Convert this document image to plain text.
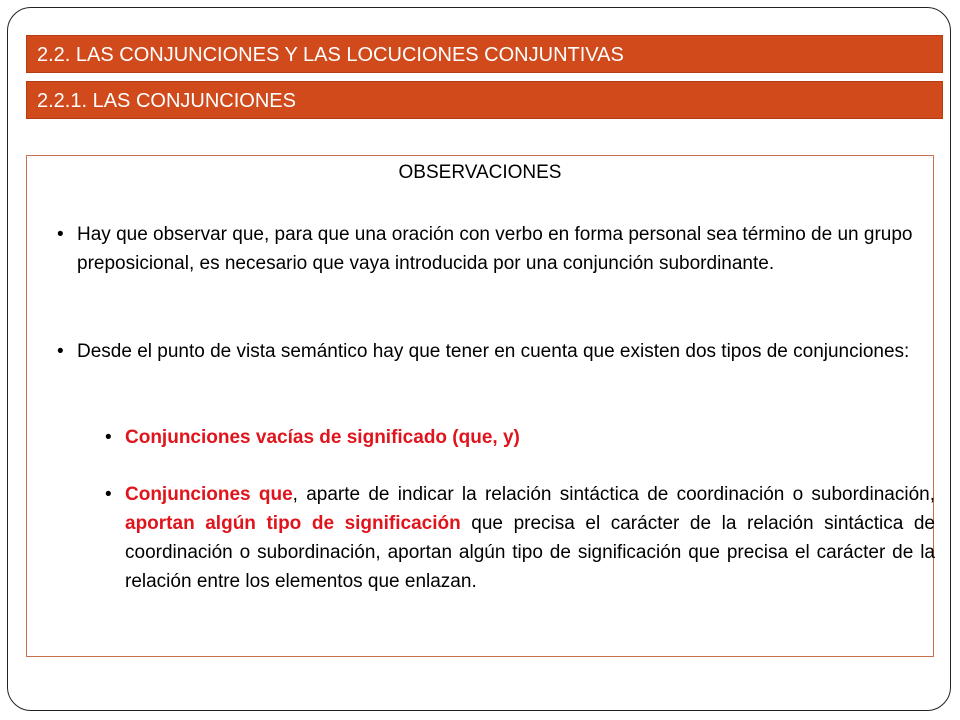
2.2. LAS CONJUNCIONES Y LAS LOCUCIONES CONJUNTIVAS
2.2.1. LAS CONJUNCIONES
OBSERVACIONES
• Hay que observar que, para que una oración con verbo en forma personal sea término de un grupo preposicional, es necesario que vaya introducida por una conjunción subordinante.
• Desde el punto de vista semántico hay que tener en cuenta que existen dos tipos de conjunciones:
• Conjunciones vacías de significado (que, y)
• Conjunciones que, aparte de indicar la relación sintáctica de coordinación o subordinación, aportan algún tipo de significación que precisa el carácter de la relación sintáctica de coordinación o subordinación, aportan algún tipo de significación que precisa el carácter de la relación entre los elementos que enlazan.
